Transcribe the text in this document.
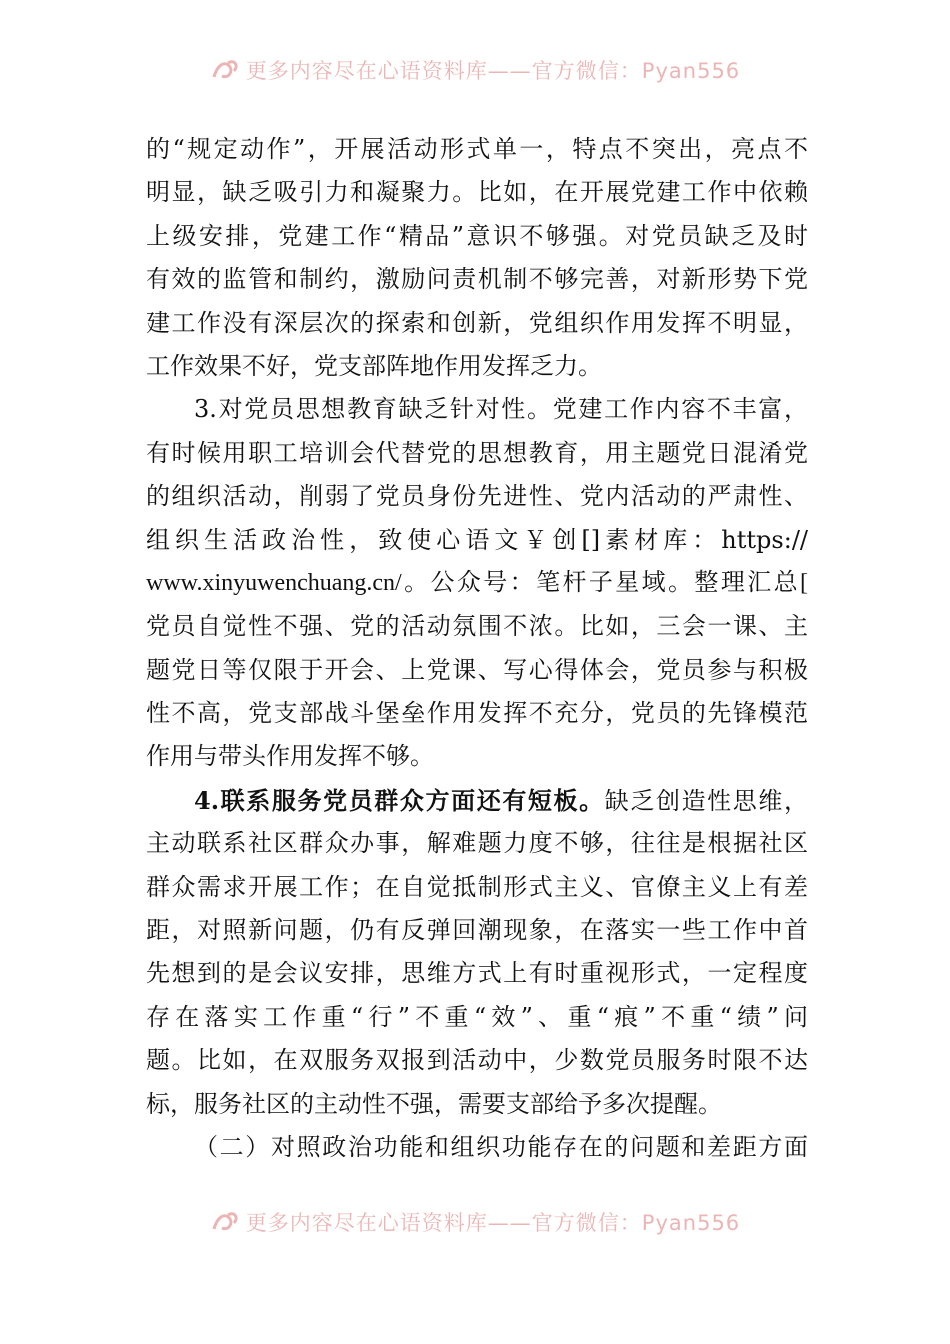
更多内容尽在心语资料库——官方微信：Pyan556
的“规定动作”，开展活动形式单一，特点不突出，亮点不
明显，缺乏吸引力和凝聚力。比如，在开展党建工作中依赖
上级安排，党建工作“精品”意识不够强。对党员缺乏及时
有效的监管和制约，激励问责机制不够完善，对新形势下党
建工作没有深层次的探索和创新，党组织作用发挥不明显，
工作效果不好，党支部阵地作用发挥乏力。
3.对党员思想教育缺乏针对性。党建工作内容不丰富，
有时候用职工培训会代替党的思想教育，用主题党日混淆党
的组织活动，削弱了党员身份先进性、党内活动的严肃性、
组织生活政治性，致使心语文￥创[]素材库：https://
www.xinyuwenchuang.cn/。公众号：笔杆子星域。整理汇总[
党员自觉性不强、党的活动氛围不浓。比如，三会一课、主
题党日等仅限于开会、上党课、写心得体会，党员参与积极
性不高，党支部战斗堡垒作用发挥不充分，党员的先锋模范
作用与带头作用发挥不够。
4.联系服务党员群众方面还有短板。缺乏创造性思维，
主动联系社区群众办事，解难题力度不够，往往是根据社区
群众需求开展工作；在自觉抵制形式主义、官僚主义上有差
距，对照新问题，仍有反弹回潮现象，在落实一些工作中首
先想到的是会议安排，思维方式上有时重视形式，一定程度
存在落实工作重“行”不重“效”、重“痕”不重“绩”问
题。比如，在双服务双报到活动中，少数党员服务时限不达
标，服务社区的主动性不强，需要支部给予多次提醒。
（二）对照政治功能和组织功能存在的问题和差距方面
更多内容尽在心语资料库——官方微信：Pyan556
